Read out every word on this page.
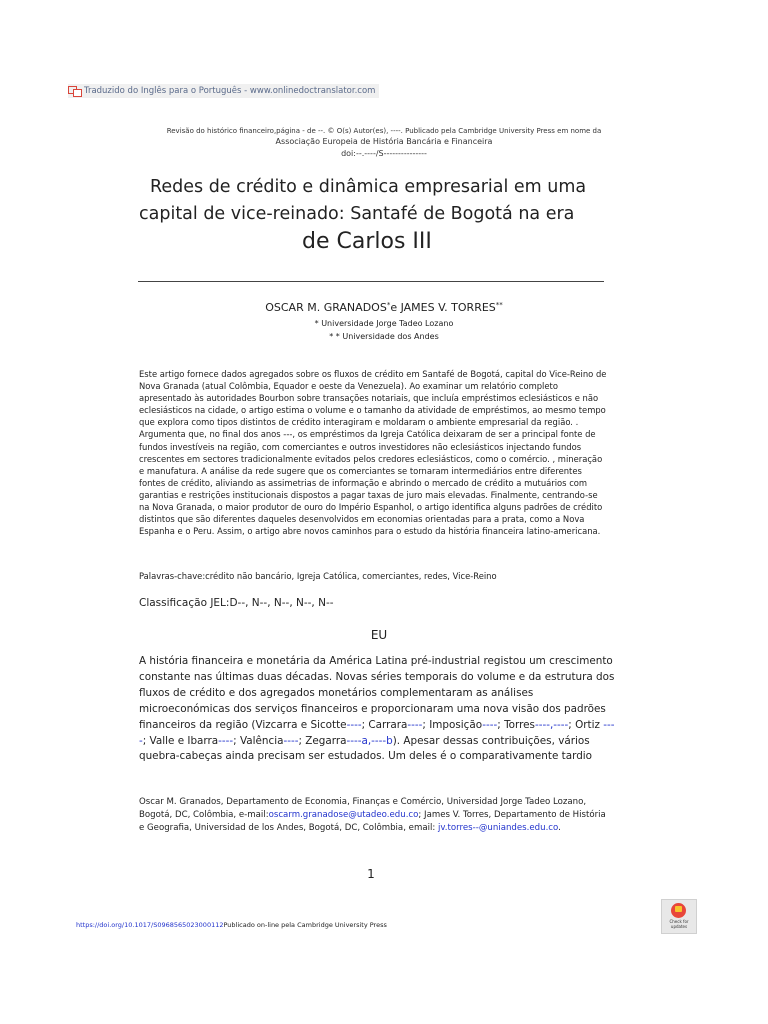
Traduzido do Inglês para o Português - www.onlinedoctranslator.com
Revisão do histórico financeiro,página - de --. © O(s) Autor(es), ----. Publicado pela Cambridge University Press em nome da
Associação Europeia de História Bancária e Financeira
doi:--.----/S---------------
Redes de crédito e dinâmica empresarial em uma
capital de vice-reinado: Santafé de Bogotá na era
de Carlos III
OSCAR M. GRANADOS*e JAMES V. TORRES**
* Universidade Jorge Tadeo Lozano
* * Universidade dos Andes
Este artigo fornece dados agregados sobre os fluxos de crédito em Santafé de Bogotá, capital do Vice-Reino de Nova Granada (atual Colômbia, Equador e oeste da Venezuela). Ao examinar um relatório completo apresentado às autoridades Bourbon sobre transações notariais, que incluía empréstimos eclesiásticos e não eclesiásticos na cidade, o artigo estima o volume e o tamanho da atividade de empréstimos, ao mesmo tempo que explora como tipos distintos de crédito interagiram e moldaram o ambiente empresarial da região. . Argumenta que, no final dos anos ---, os empréstimos da Igreja Católica deixaram de ser a principal fonte de fundos investíveis na região, com comerciantes e outros investidores não eclesiásticos injectando fundos crescentes em sectores tradicionalmente evitados pelos credores eclesiásticos, como o comércio. , mineração e manufatura. A análise da rede sugere que os comerciantes se tornaram intermediários entre diferentes fontes de crédito, aliviando as assimetrias de informação e abrindo o mercado de crédito a mutuários com garantias e restrições institucionais dispostos a pagar taxas de juro mais elevadas. Finalmente, centrando-se na Nova Granada, o maior produtor de ouro do Império Espanhol, o artigo identifica alguns padrões de crédito distintos que são diferentes daqueles desenvolvidos em economias orientadas para a prata, como a Nova Espanha e o Peru. Assim, o artigo abre novos caminhos para o estudo da história financeira latino-americana.
Palavras-chave:crédito não bancário, Igreja Católica, comerciantes, redes, Vice-Reino
Classificação JEL:D--, N--, N--, N--, N--
EU
A história financeira e monetária da América Latina pré-industrial registou um crescimento constante nas últimas duas décadas. Novas séries temporais do volume e da estrutura dos fluxos de crédito e dos agregados monetários complementaram as análises microeconómicas dos serviços financeiros e proporcionaram uma nova visão dos padrões financeiros da região (Vizcarra e Sicotte----; Carrara----; Imposição----; Torres----,----; Ortiz ----; Valle e Ibarra----; Valência----; Zegarra----a,----b). Apesar dessas contribuições, vários quebra-cabeças ainda precisam ser estudados. Um deles é o comparativamente tardio
Oscar M. Granados, Departamento de Economia, Finanças e Comércio, Universidad Jorge Tadeo Lozano, Bogotá, DC, Colômbia, e-mail:oscarm.granadose@utadeo.edu.co; James V. Torres, Departamento de História e Geografia, Universidad de los Andes, Bogotá, DC, Colômbia, email: jv.torres--@uniandes.edu.co.
1
https://doi.org/10.1017/S0968565023000112Publicado on-line pela Cambridge University Press	Check for updates
